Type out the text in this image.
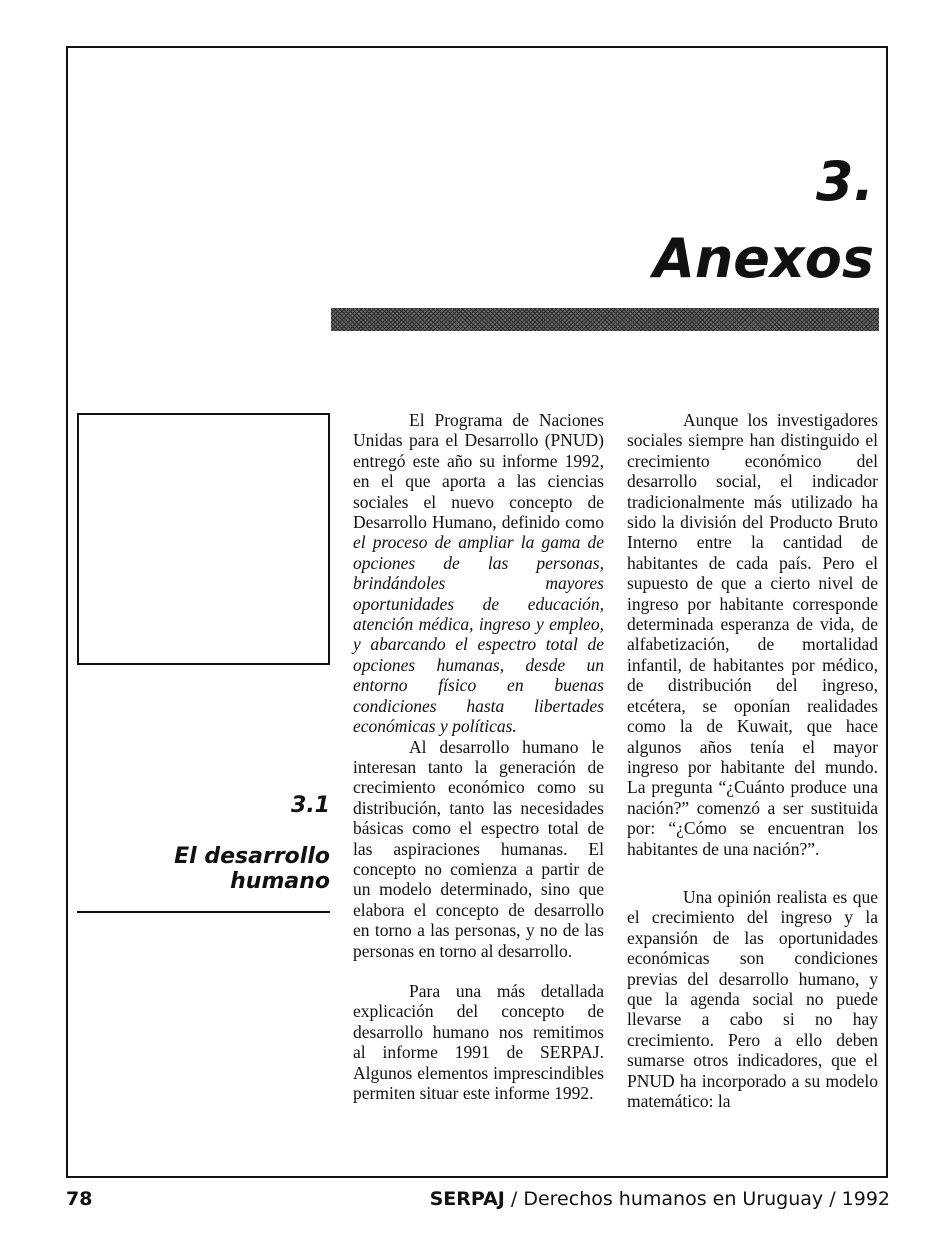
3.
Anexos
3.1
El desarrollo
humano

El Programa de Naciones Unidas para el Desarrollo (PNUD) entregó este año su informe 1992, en el que aporta a las ciencias sociales el nuevo concepto de Desarrollo Humano, definido como el proceso de ampliar la gama de opciones de las personas, brindándoles mayores oportunidades de educación, atención médica, ingreso y empleo, y abarcando el espectro total de opciones humanas, desde un entorno físico en buenas condiciones hasta libertades económicas y políticas.

Al desarrollo humano le interesan tanto la generación de crecimiento económico como su distribución, tanto las necesidades básicas como el espectro total de las aspiraciones humanas. El concepto no comienza a partir de un modelo determinado, sino que elabora el concepto de desarrollo en torno a las personas, y no de las personas en torno al desarrollo.

Para una más detallada explicación del concepto de desarrollo humano nos remitimos al informe 1991 de SERPAJ. Algunos elementos imprescindibles permiten situar este informe 1992.

Aunque los investigadores sociales siempre han distinguido el crecimiento económico del desarrollo social, el indicador tradicionalmente más utilizado ha sido la división del Producto Bruto Interno entre la cantidad de habitantes de cada país. Pero el supuesto de que a cierto nivel de ingreso por habitante corresponde determinada esperanza de vida, de alfabetización, de mortalidad infantil, de habitantes por médico, de distribución del ingreso, etcétera, se oponían realidades como la de Kuwait, que hace algunos años tenía el mayor ingreso por habitante del mundo. La pregunta “¿Cuánto produce una nación?” comenzó a ser sustituida por: “¿Cómo se encuentran los habitantes de una nación?”.

Una opinión realista es que el crecimiento del ingreso y la expansión de las oportunidades económicas son condiciones previas del desarrollo humano, y que la agenda social no puede llevarse a cabo si no hay crecimiento. Pero a ello deben sumarse otros indicadores, que el PNUD ha incorporado a su modelo matemático: la

78	SERPAJ / Derechos humanos en Uruguay / 1992
